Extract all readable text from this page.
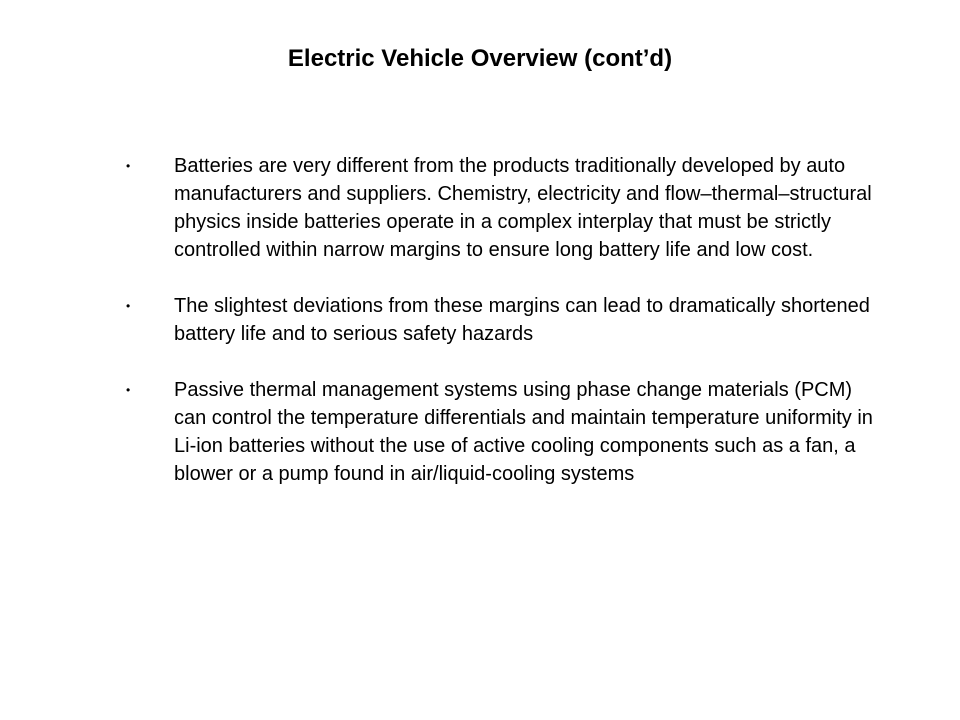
Electric Vehicle Overview (cont’d)
• Batteries are very different from the products traditionally developed by auto manufacturers and suppliers. Chemistry, electricity and flow–thermal–structural physics inside batteries operate in a complex interplay that must be strictly controlled within narrow margins to ensure long battery life and low cost.
• The slightest deviations from these margins can lead to dramatically shortened battery life and to serious safety hazards
• Passive thermal management systems using phase change materials (PCM) can control the temperature differentials and maintain temperature uniformity in Li-ion batteries without the use of active cooling components such as a fan, a blower or a pump found in air/liquid-cooling systems
